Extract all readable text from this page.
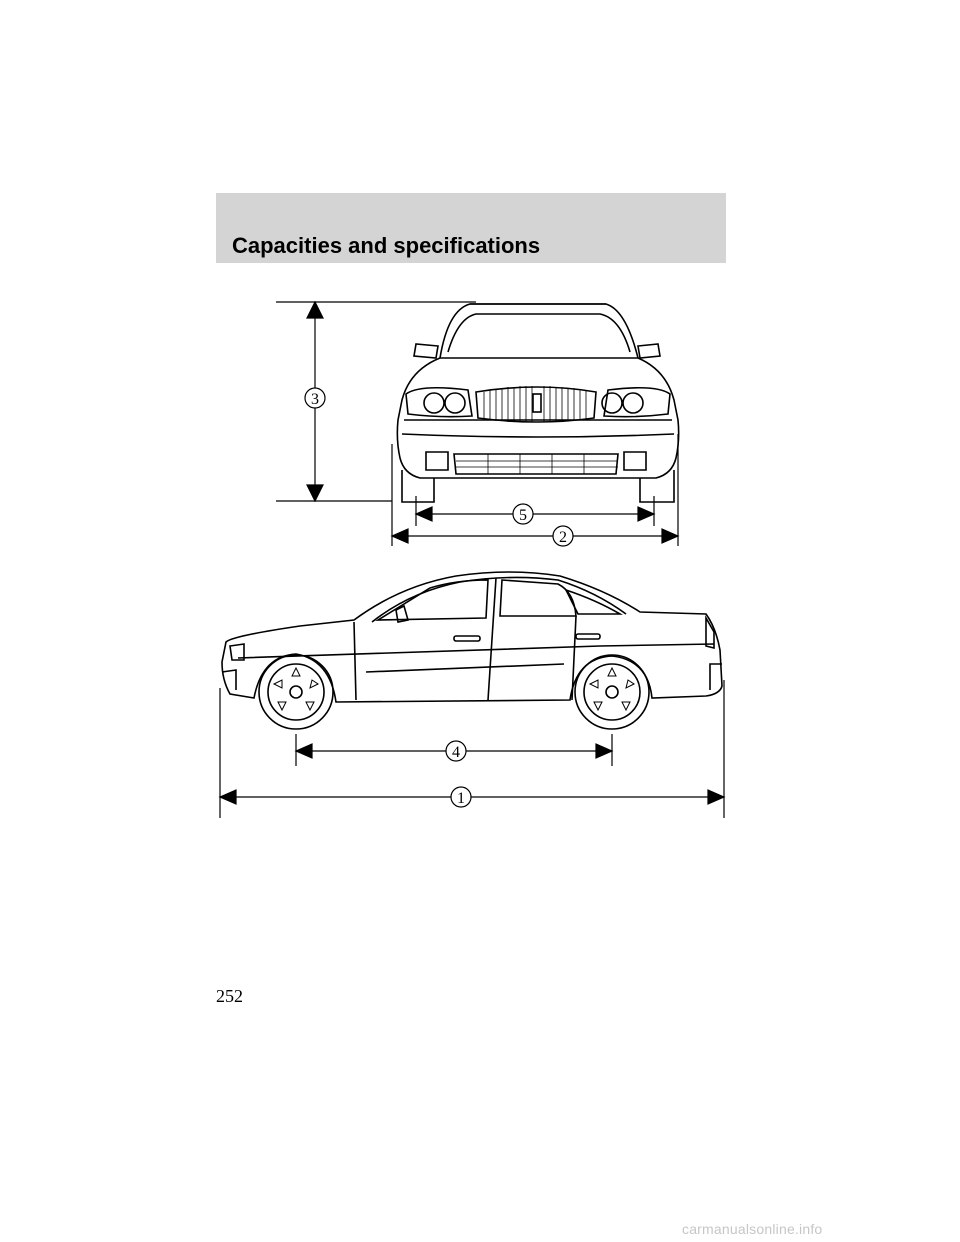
Capacities and specifications
3
5
2
4
1
252
carmanualsonline.info
